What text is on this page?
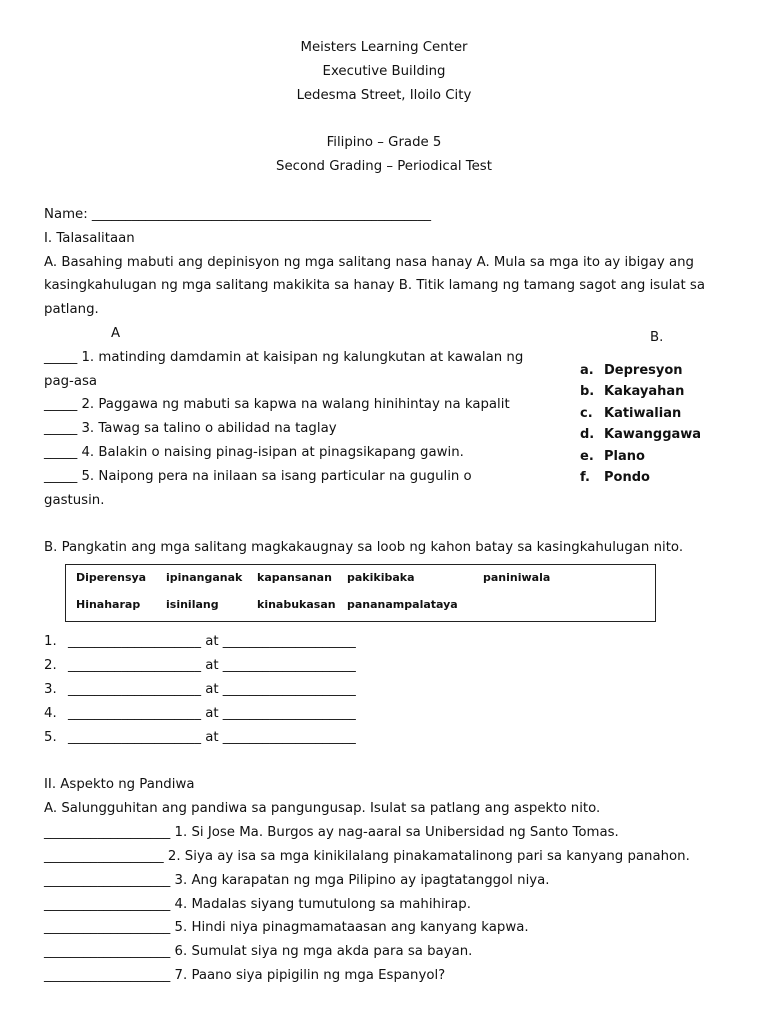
Meisters Learning Center
Executive Building
Ledesma Street, Iloilo City
Filipino – Grade 5
Second Grading – Periodical Test
Name: ___________________________________________________
I. Talasalitaan
A. Basahing mabuti ang depinisyon ng mga salitang nasa hanay A. Mula sa mga ito ay ibigay ang
kasingkahulugan ng mga salitang makikita sa hanay B. Titik lamang ng tamang sagot ang isulat sa
patlang.
A	B.
_____ 1. matinding damdamin at kaisipan ng kalungkutan at kawalan ng
pag-asa
_____ 2. Paggawa ng mabuti sa kapwa na walang hinihintay na kapalit
_____ 3. Tawag sa talino o abilidad na taglay
_____ 4. Balakin o naising pinag-isipan at pinagsikapang gawin.
_____ 5. Naipong pera na inilaan sa isang particular na gugulin o
gastusin.
a. Depresyon
b. Kakayahan
c. Katiwalian
d. Kawanggawa
e. Plano
f. Pondo
B. Pangkatin ang mga salitang magkakaugnay sa loob ng kahon batay sa kasingkahulugan nito.
Diperensya ipinanganak kapansanan pakikibaka	paniniwala
Hinaharap isinilang	kinabukasan pananampalataya
1. ____________________ at ____________________
2. ____________________ at ____________________
3. ____________________ at ____________________
4. ____________________ at ____________________
5. ____________________ at ____________________
II. Aspekto ng Pandiwa
A. Salungguhitan ang pandiwa sa pangungusap. Isulat sa patlang ang aspekto nito.
___________________ 1. Si Jose Ma. Burgos ay nag-aaral sa Unibersidad ng Santo Tomas.
__________________ 2. Siya ay isa sa mga kinikilalang pinakamatalinong pari sa kanyang panahon.
___________________ 3. Ang karapatan ng mga Pilipino ay ipagtatanggol niya.
___________________ 4. Madalas siyang tumutulong sa mahihirap.
___________________ 5. Hindi niya pinagmamataasan ang kanyang kapwa.
___________________ 6. Sumulat siya ng mga akda para sa bayan.
___________________ 7. Paano siya pipigilin ng mga Espanyol?
